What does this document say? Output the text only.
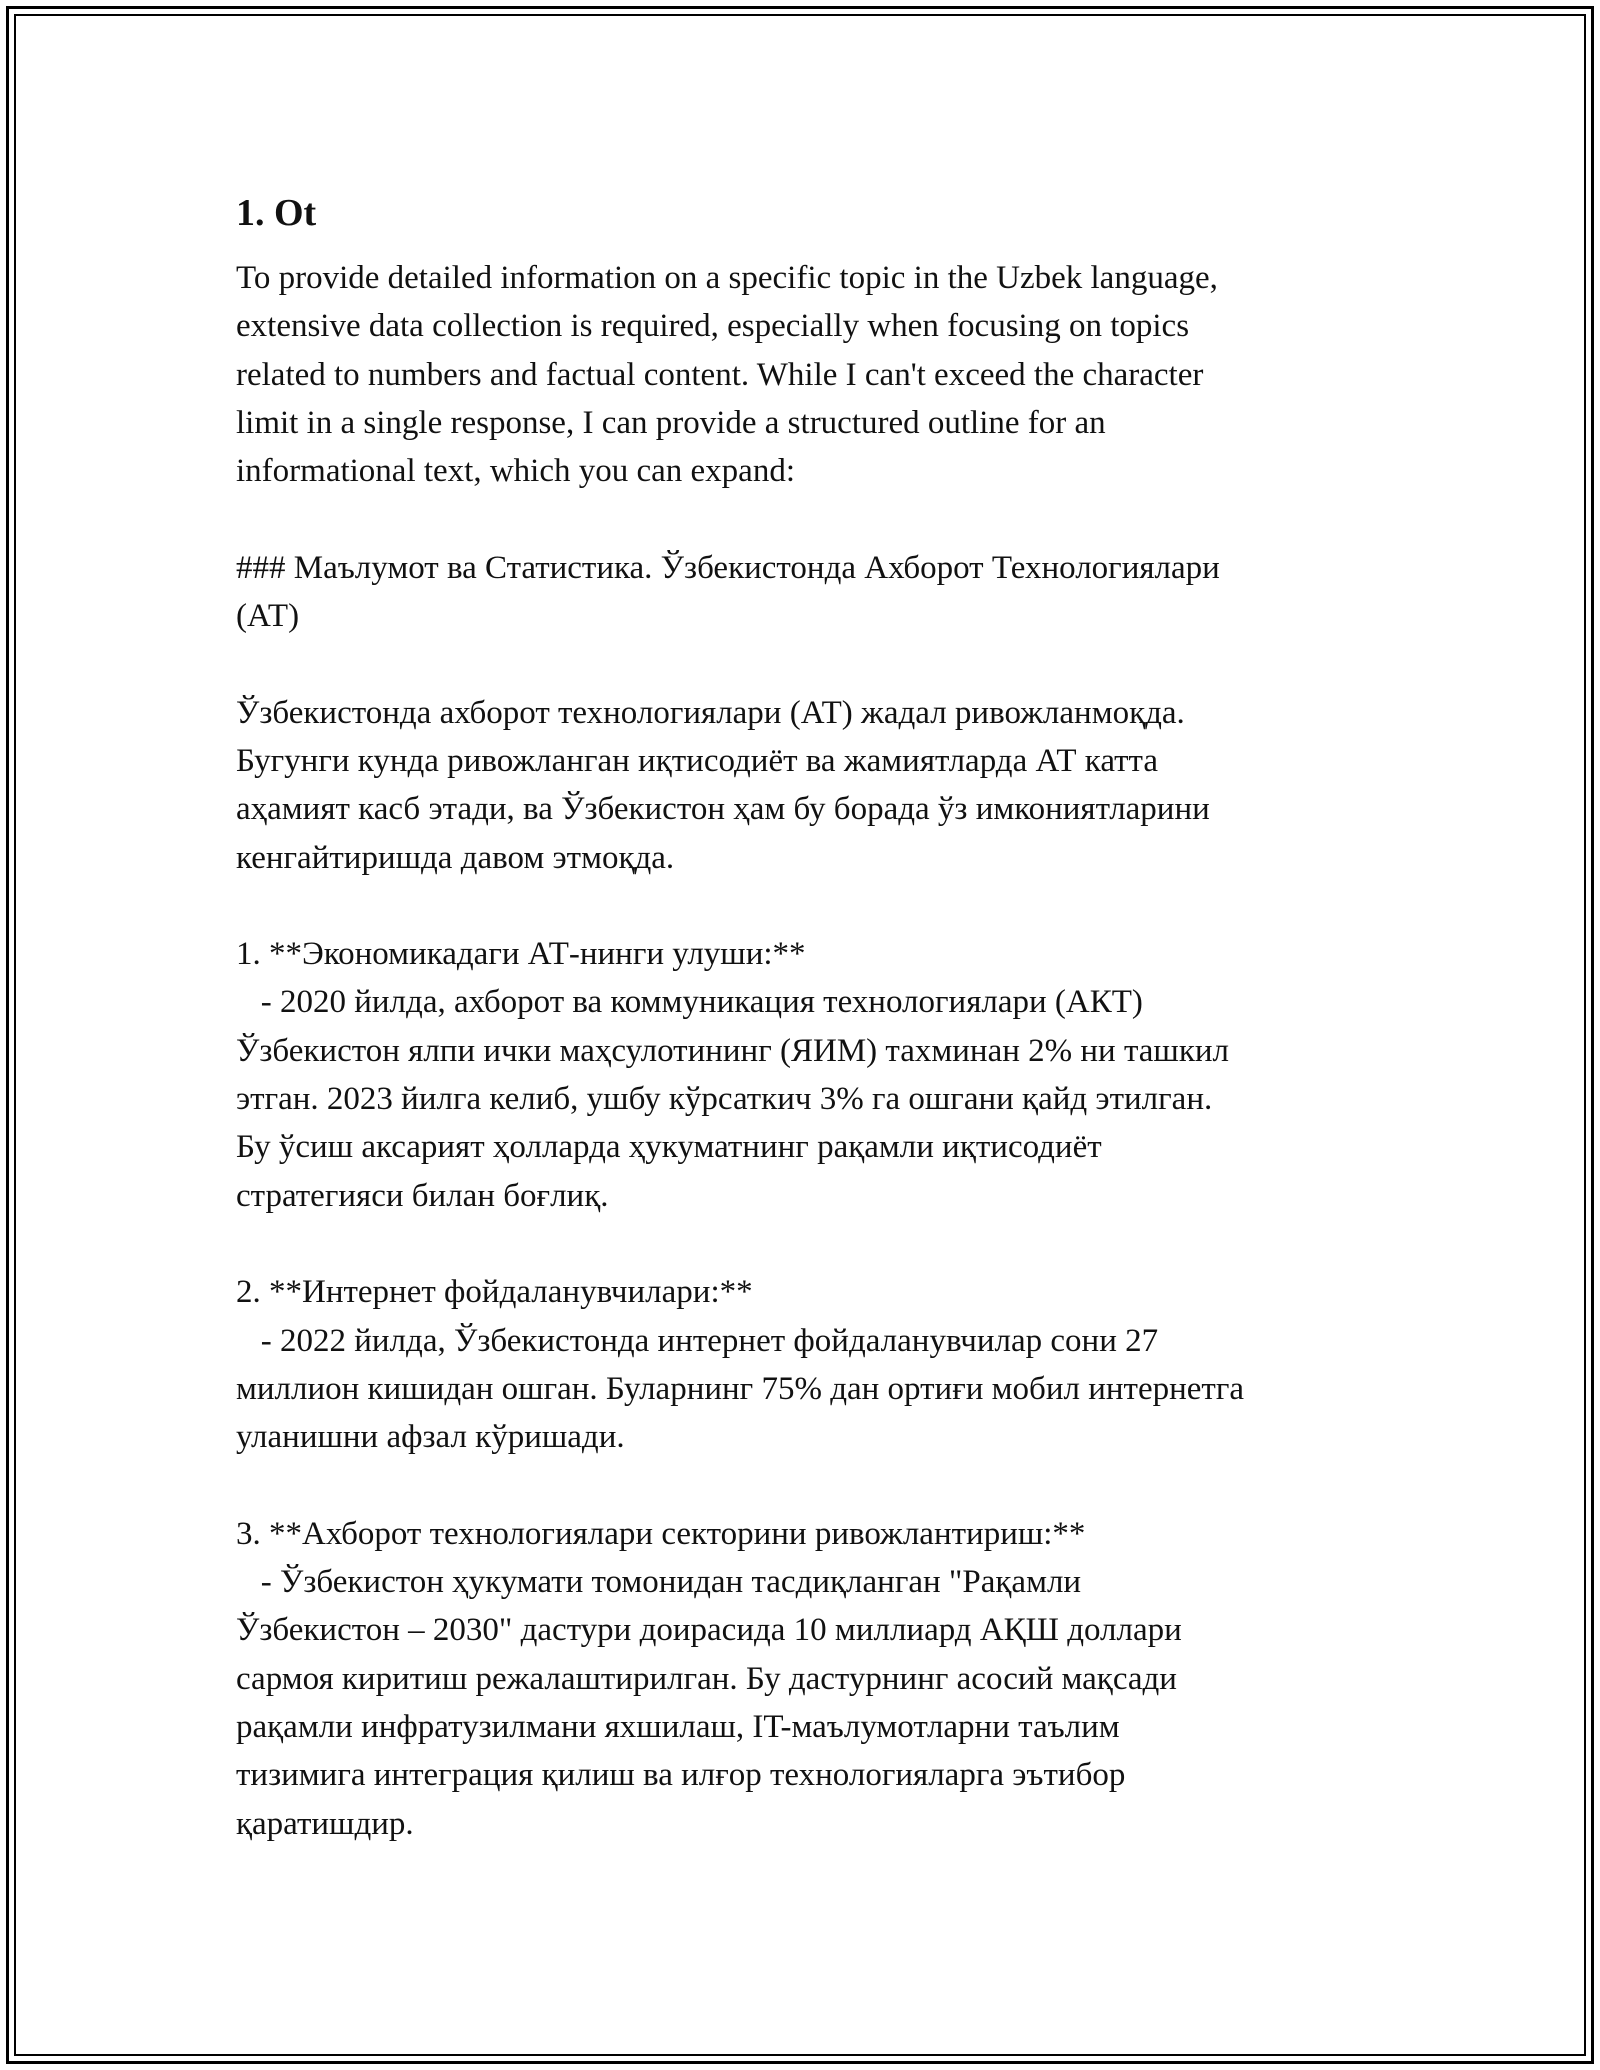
1. Ot

To provide detailed information on a specific topic in the Uzbek language,
extensive data collection is required, especially when focusing on topics
related to numbers and factual content. While I can't exceed the character
limit in a single response, I can provide a structured outline for an
informational text, which you can expand:

### Маълумот ва Статистика. Ўзбекистонда Ахборот Технологиялари
(АТ)

Ўзбекистонда ахборот технологиялари (АТ) жадал ривожланмоқда.
Бугунги кунда ривожланган иқтисодиёт ва жамиятларда АТ катта
аҳамият касб этади, ва Ўзбекистон ҳам бу борада ўз имкониятларини
кенгайтиришда давом этмоқда.

1. **Экономикадаги АТ-нинги улуши:**

- 2020 йилда, ахборот ва коммуникация технологиялари (АКТ)
Ўзбекистон ялпи ички маҳсулотининг (ЯИМ) тахминан 2% ни ташкил
этган. 2023 йилга келиб, ушбу кўрсаткич 3% га ошгани қайд этилган.
Бу ўсиш аксарият ҳолларда ҳукуматнинг рақамли иқтисодиёт
стратегияси билан боғлиқ.

2. **Интернет фойдаланувчилари:**

- 2022 йилда, Ўзбекистонда интернет фойдаланувчилар сони 27
миллион кишидан ошган. Буларнинг 75% дан ортиғи мобил интернетга
уланишни афзал кўришади.

3. **Ахборот технологиялари секторини ривожлантириш:**

- Ўзбекистон ҳукумати томонидан тасдиқланган "Рақамли
Ўзбекистон – 2030" дастури доирасида 10 миллиард АҚШ доллари
сармоя киритиш режалаштирилган. Бу дастурнинг асосий мақсади
рақамли инфратузилмани яхшилаш, IT-маълумотларни таълим
тизимига интеграция қилиш ва илғор технологияларга эътибор
қаратишдир.
